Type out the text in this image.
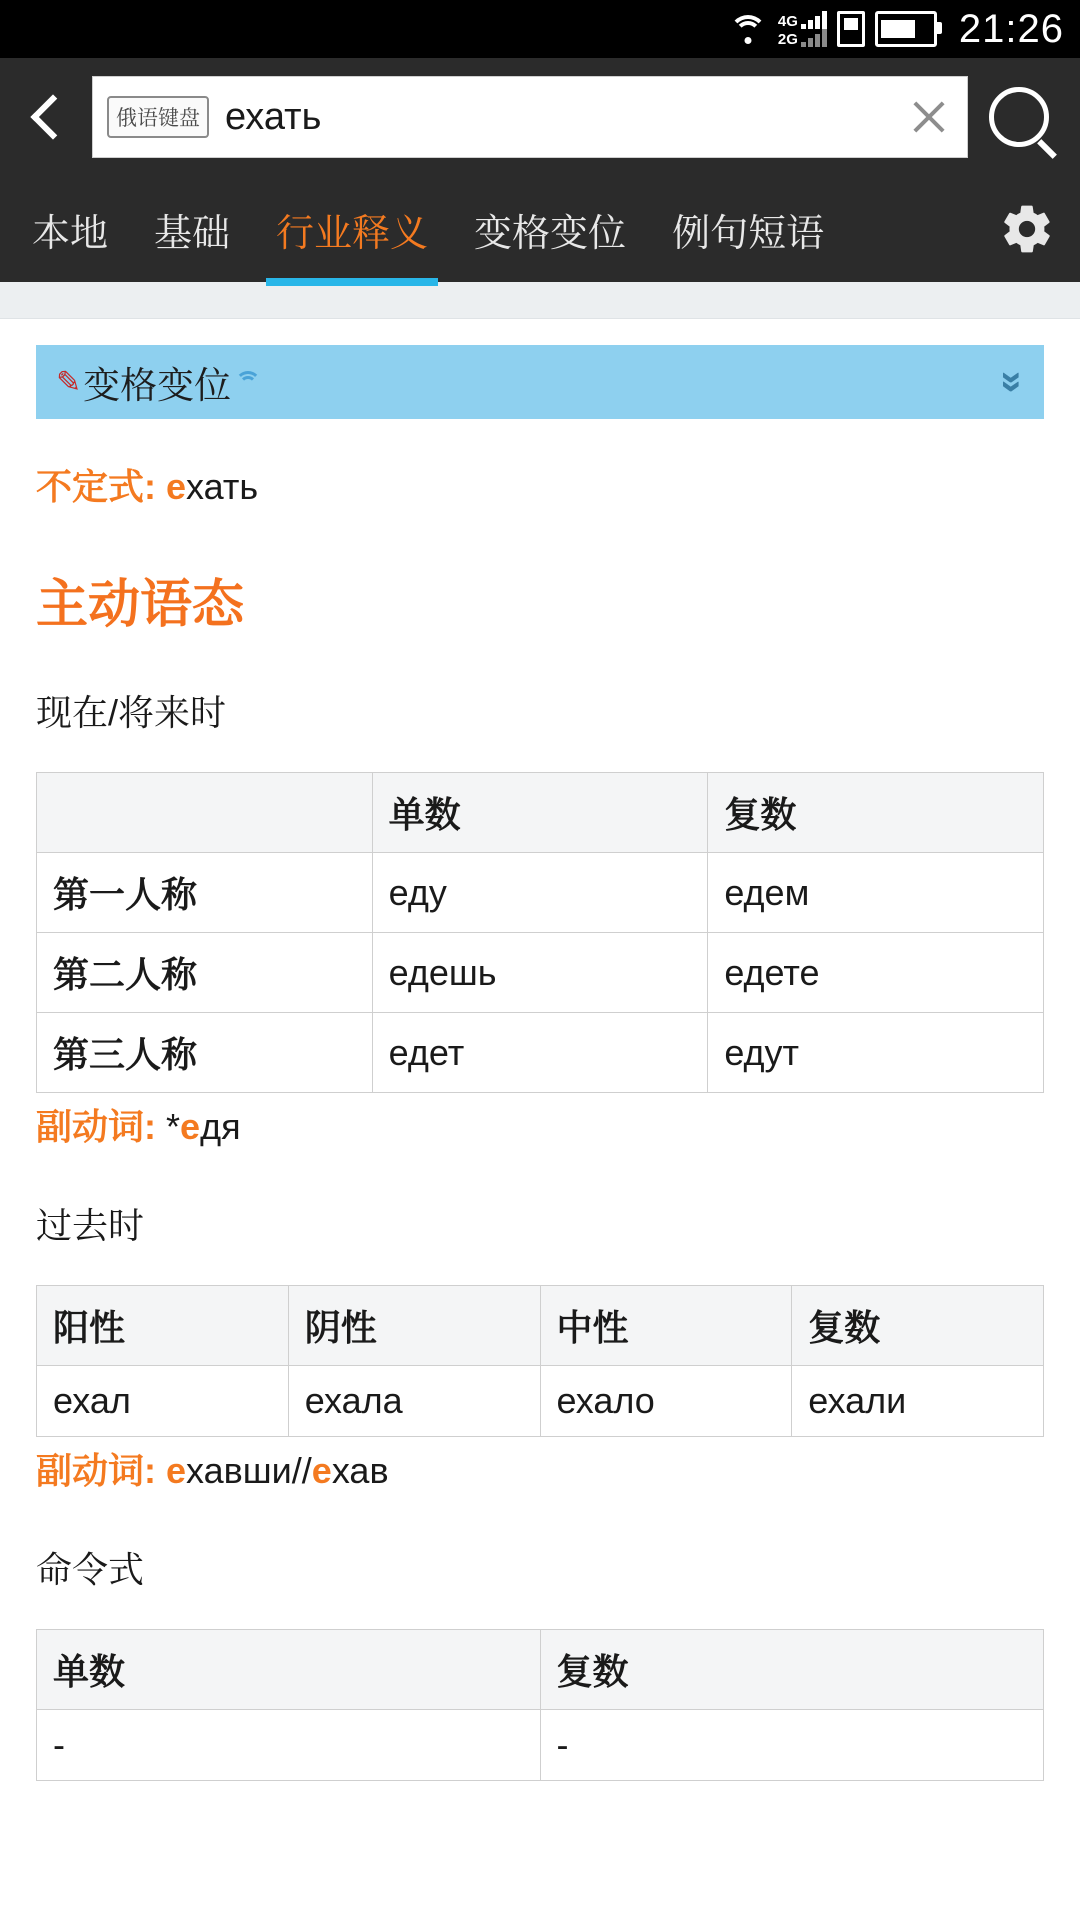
4G
2G	21:26
俄语键盘 ехать
本地 基础 行业释义 变格变位 例句短语
✎ 变格变位	»
不定式: ехать
主动语态
现在/将来时
	单数	复数
第一人称	еду	едем
第二人称	едешь	едете
第三人称	едет	едут
副动词: *едя
过去时
阳性	阴性	中性	复数
ехал	ехала	ехало	ехали
副动词: ехавши//ехав
命令式
单数	复数
-	-
